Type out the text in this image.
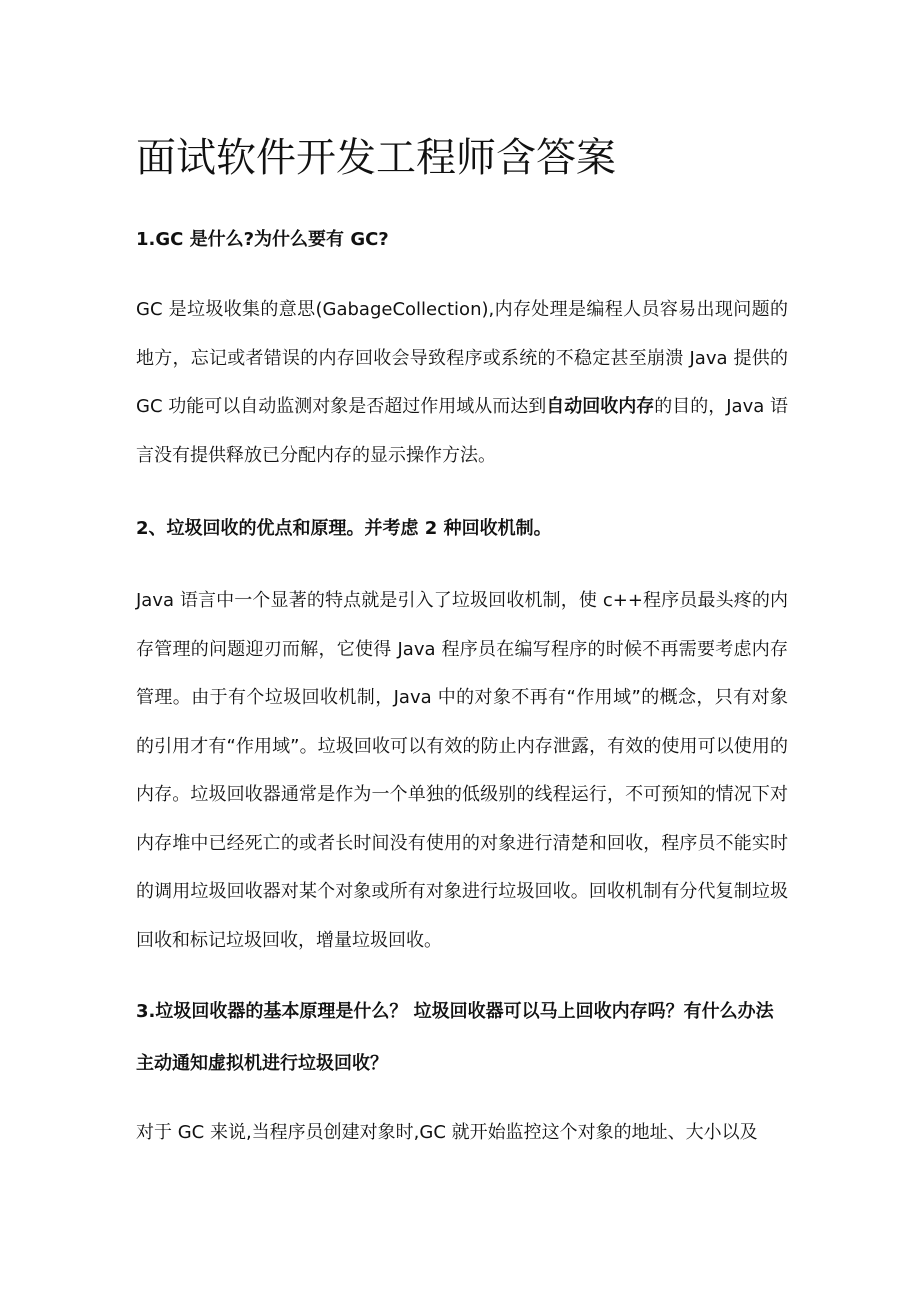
面试软件开发工程师含答案

1.GC 是什么?为什么要有 GC?

GC 是垃圾收集的意思(GabageCollection),内存处理是编程人员容易出现问题的地方，忘记或者错误的内存回收会导致程序或系统的不稳定甚至崩溃 Java 提供的 GC 功能可以自动监测对象是否超过作用域从而达到自动回收内存的目的，Java 语言没有提供释放已分配内存的显示操作方法。

2、垃圾回收的优点和原理。并考虑 2 种回收机制。

Java 语言中一个显著的特点就是引入了垃圾回收机制，使 c++程序员最头疼的内存管理的问题迎刃而解，它使得 Java 程序员在编写程序的时候不再需要考虑内存管理。由于有个垃圾回收机制，Java 中的对象不再有“作用域”的概念，只有对象的引用才有“作用域”。垃圾回收可以有效的防止内存泄露，有效的使用可以使用的内存。垃圾回收器通常是作为一个单独的低级别的线程运行，不可预知的情况下对内存堆中已经死亡的或者长时间没有使用的对象进行清楚和回收，程序员不能实时的调用垃圾回收器对某个对象或所有对象进行垃圾回收。回收机制有分代复制垃圾回收和标记垃圾回收，增量垃圾回收。

3.垃圾回收器的基本原理是什么？ 垃圾回收器可以马上回收内存吗？有什么办法主动通知虚拟机进行垃圾回收？

对于 GC 来说,当程序员创建对象时,GC 就开始监控这个对象的地址、大小以及
